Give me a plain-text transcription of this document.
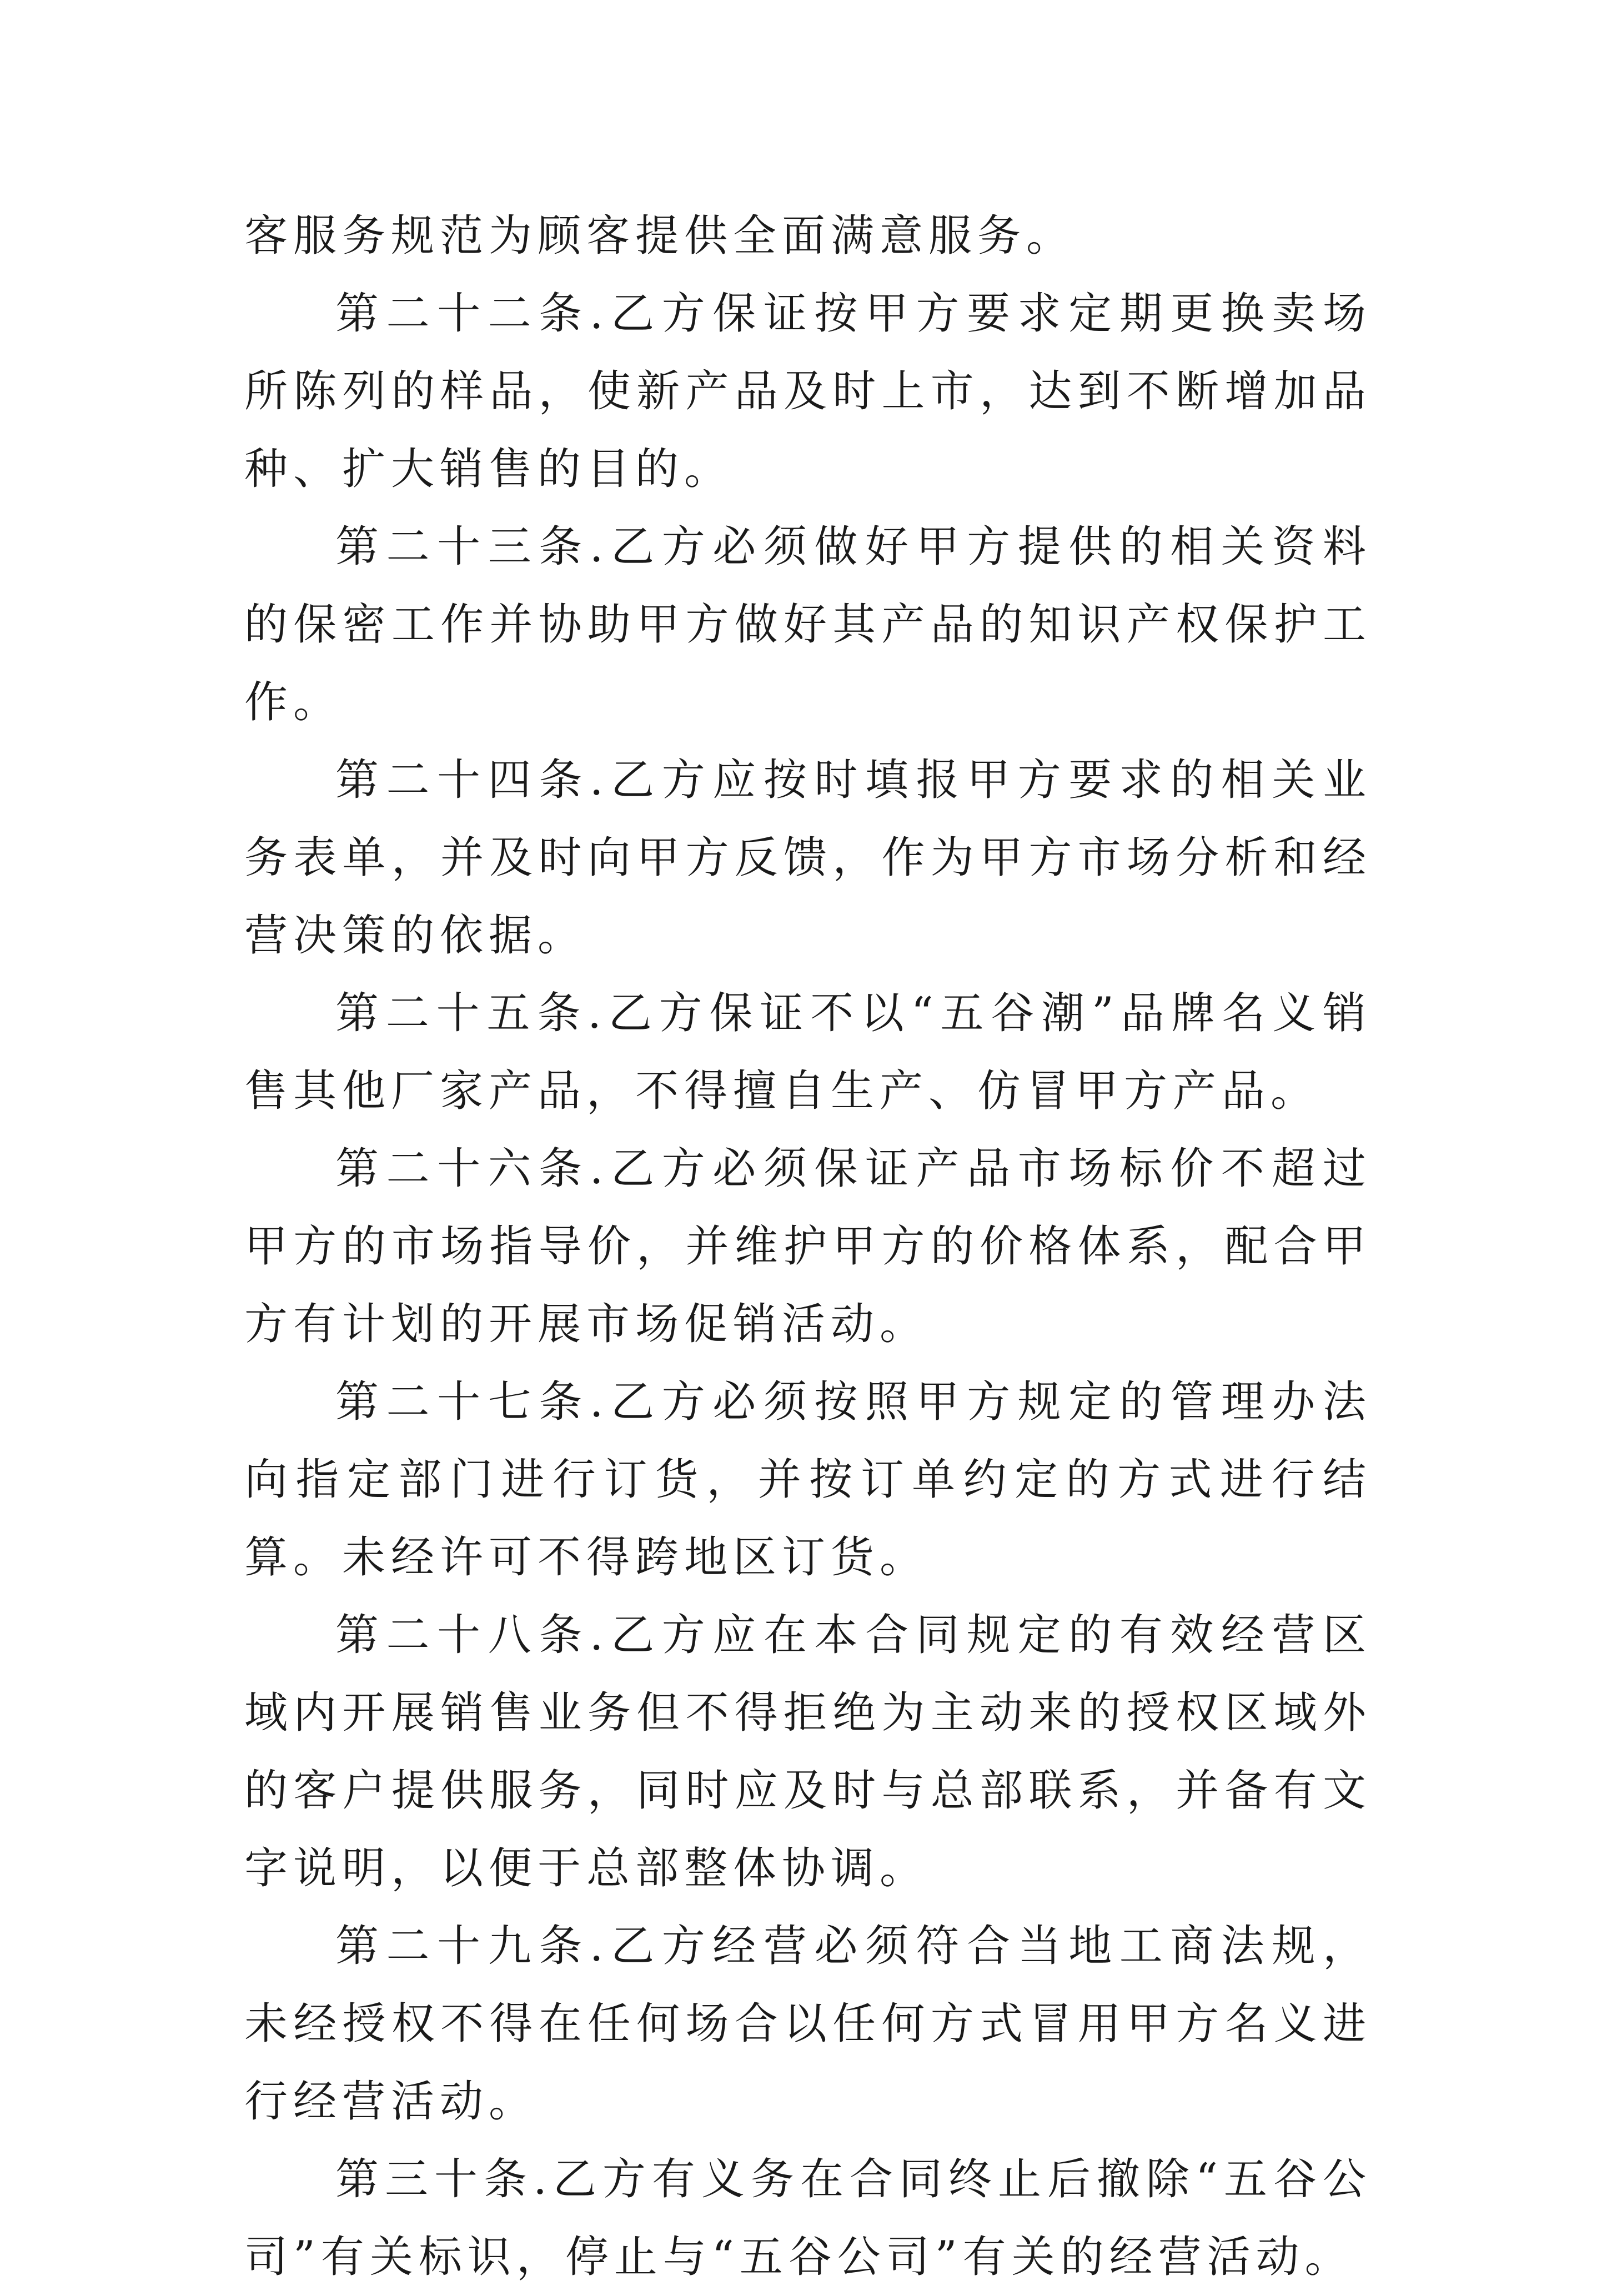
客服务规范为顾客提供全面满意服务。

第二十二条.乙方保证按甲方要求定期更换卖场所陈列的样品，使新产品及时上市，达到不断增加品种、扩大销售的目的。

第二十三条.乙方必须做好甲方提供的相关资料的保密工作并协助甲方做好其产品的知识产权保护工作。

第二十四条.乙方应按时填报甲方要求的相关业务表单，并及时向甲方反馈，作为甲方市场分析和经营决策的依据。

第二十五条.乙方保证不以“五谷潮”品牌名义销售其他厂家产品，不得擅自生产、仿冒甲方产品。

第二十六条.乙方必须保证产品市场标价不超过甲方的市场指导价，并维护甲方的价格体系，配合甲方有计划的开展市场促销活动。

第二十七条.乙方必须按照甲方规定的管理办法向指定部门进行订货，并按订单约定的方式进行结算。未经许可不得跨地区订货。

第二十八条.乙方应在本合同规定的有效经营区域内开展销售业务但不得拒绝为主动来的授权区域外的客户提供服务，同时应及时与总部联系，并备有文字说明，以便于总部整体协调。

第二十九条.乙方经营必须符合当地工商法规，未经授权不得在任何场合以任何方式冒用甲方名义进行经营活动。

第三十条.乙方有义务在合同终止后撤除“五谷公司”有关标识，停止与“五谷公司”有关的经营活动。
